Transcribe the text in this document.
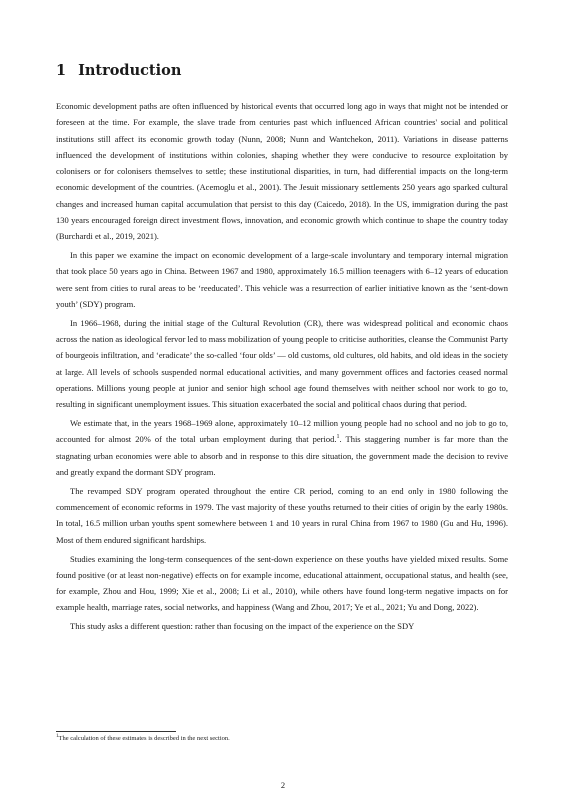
1 Introduction

Economic development paths are often influenced by historical events that occurred long ago in ways that might not be intended or foreseen at the time. For example, the slave trade from centuries past which influenced African countries' social and political institutions still affect its economic growth today (Nunn, 2008; Nunn and Wantchekon, 2011). Variations in disease patterns influenced the development of institutions within colonies, shaping whether they were conducive to resource exploitation by colonisers or for colonisers themselves to settle; these institutional disparities, in turn, had differential impacts on the long-term economic development of the countries. (Acemoglu et al., 2001). The Jesuit missionary settlements 250 years ago sparked cultural changes and increased human capital accumulation that persist to this day (Caicedo, 2018). In the US, immigration during the past 130 years encouraged foreign direct investment flows, innovation, and economic growth which continue to shape the country today (Burchardi et al., 2019, 2021).

In this paper we examine the impact on economic development of a large-scale involuntary and temporary internal migration that took place 50 years ago in China. Between 1967 and 1980, approximately 16.5 million teenagers with 6–12 years of education were sent from cities to rural areas to be ‘reeducated’. This vehicle was a resurrection of earlier initiative known as the ‘sent-down youth’ (SDY) program.

In 1966–1968, during the initial stage of the Cultural Revolution (CR), there was widespread political and economic chaos across the nation as ideological fervor led to mass mobilization of young people to criticise authorities, cleanse the Communist Party of bourgeois infiltration, and ‘eradicate’ the so-called ‘four olds’ — old customs, old cultures, old habits, and old ideas in the society at large. All levels of schools suspended normal educational activities, and many government offices and factories ceased normal operations. Millions young people at junior and senior high school age found themselves with neither school nor work to go to, resulting in significant unemployment issues. This situation exacerbated the social and political chaos during that period.

We estimate that, in the years 1968–1969 alone, approximately 10–12 million young people had no school and no job to go to, accounted for almost 20% of the total urban employment during that period.$^1$. This staggering number is far more than the stagnating urban economies were able to absorb and in response to this dire situation, the government made the decision to revive and greatly expand the dormant SDY program.

The revamped SDY program operated throughout the entire CR period, coming to an end only in 1980 following the commencement of economic reforms in 1979. The vast majority of these youths returned to their cities of origin by the early 1980s. In total, 16.5 million urban youths spent somewhere between 1 and 10 years in rural China from 1967 to 1980 (Gu and Hu, 1996). Most of them endured significant hardships.

Studies examining the long-term consequences of the sent-down experience on these youths have yielded mixed results. Some found positive (or at least non-negative) effects on for example income, educational attainment, occupational status, and health (see, for example, Zhou and Hou, 1999; Xie et al., 2008; Li et al., 2010), while others have found long-term negative impacts on for example health, marriage rates, social networks, and happiness (Wang and Zhou, 2017; Ye et al., 2021; Yu and Dong, 2022).

This study asks a different question: rather than focusing on the impact of the experience on the SDY

$^1$The calculation of these estimates is described in the next section.
2
